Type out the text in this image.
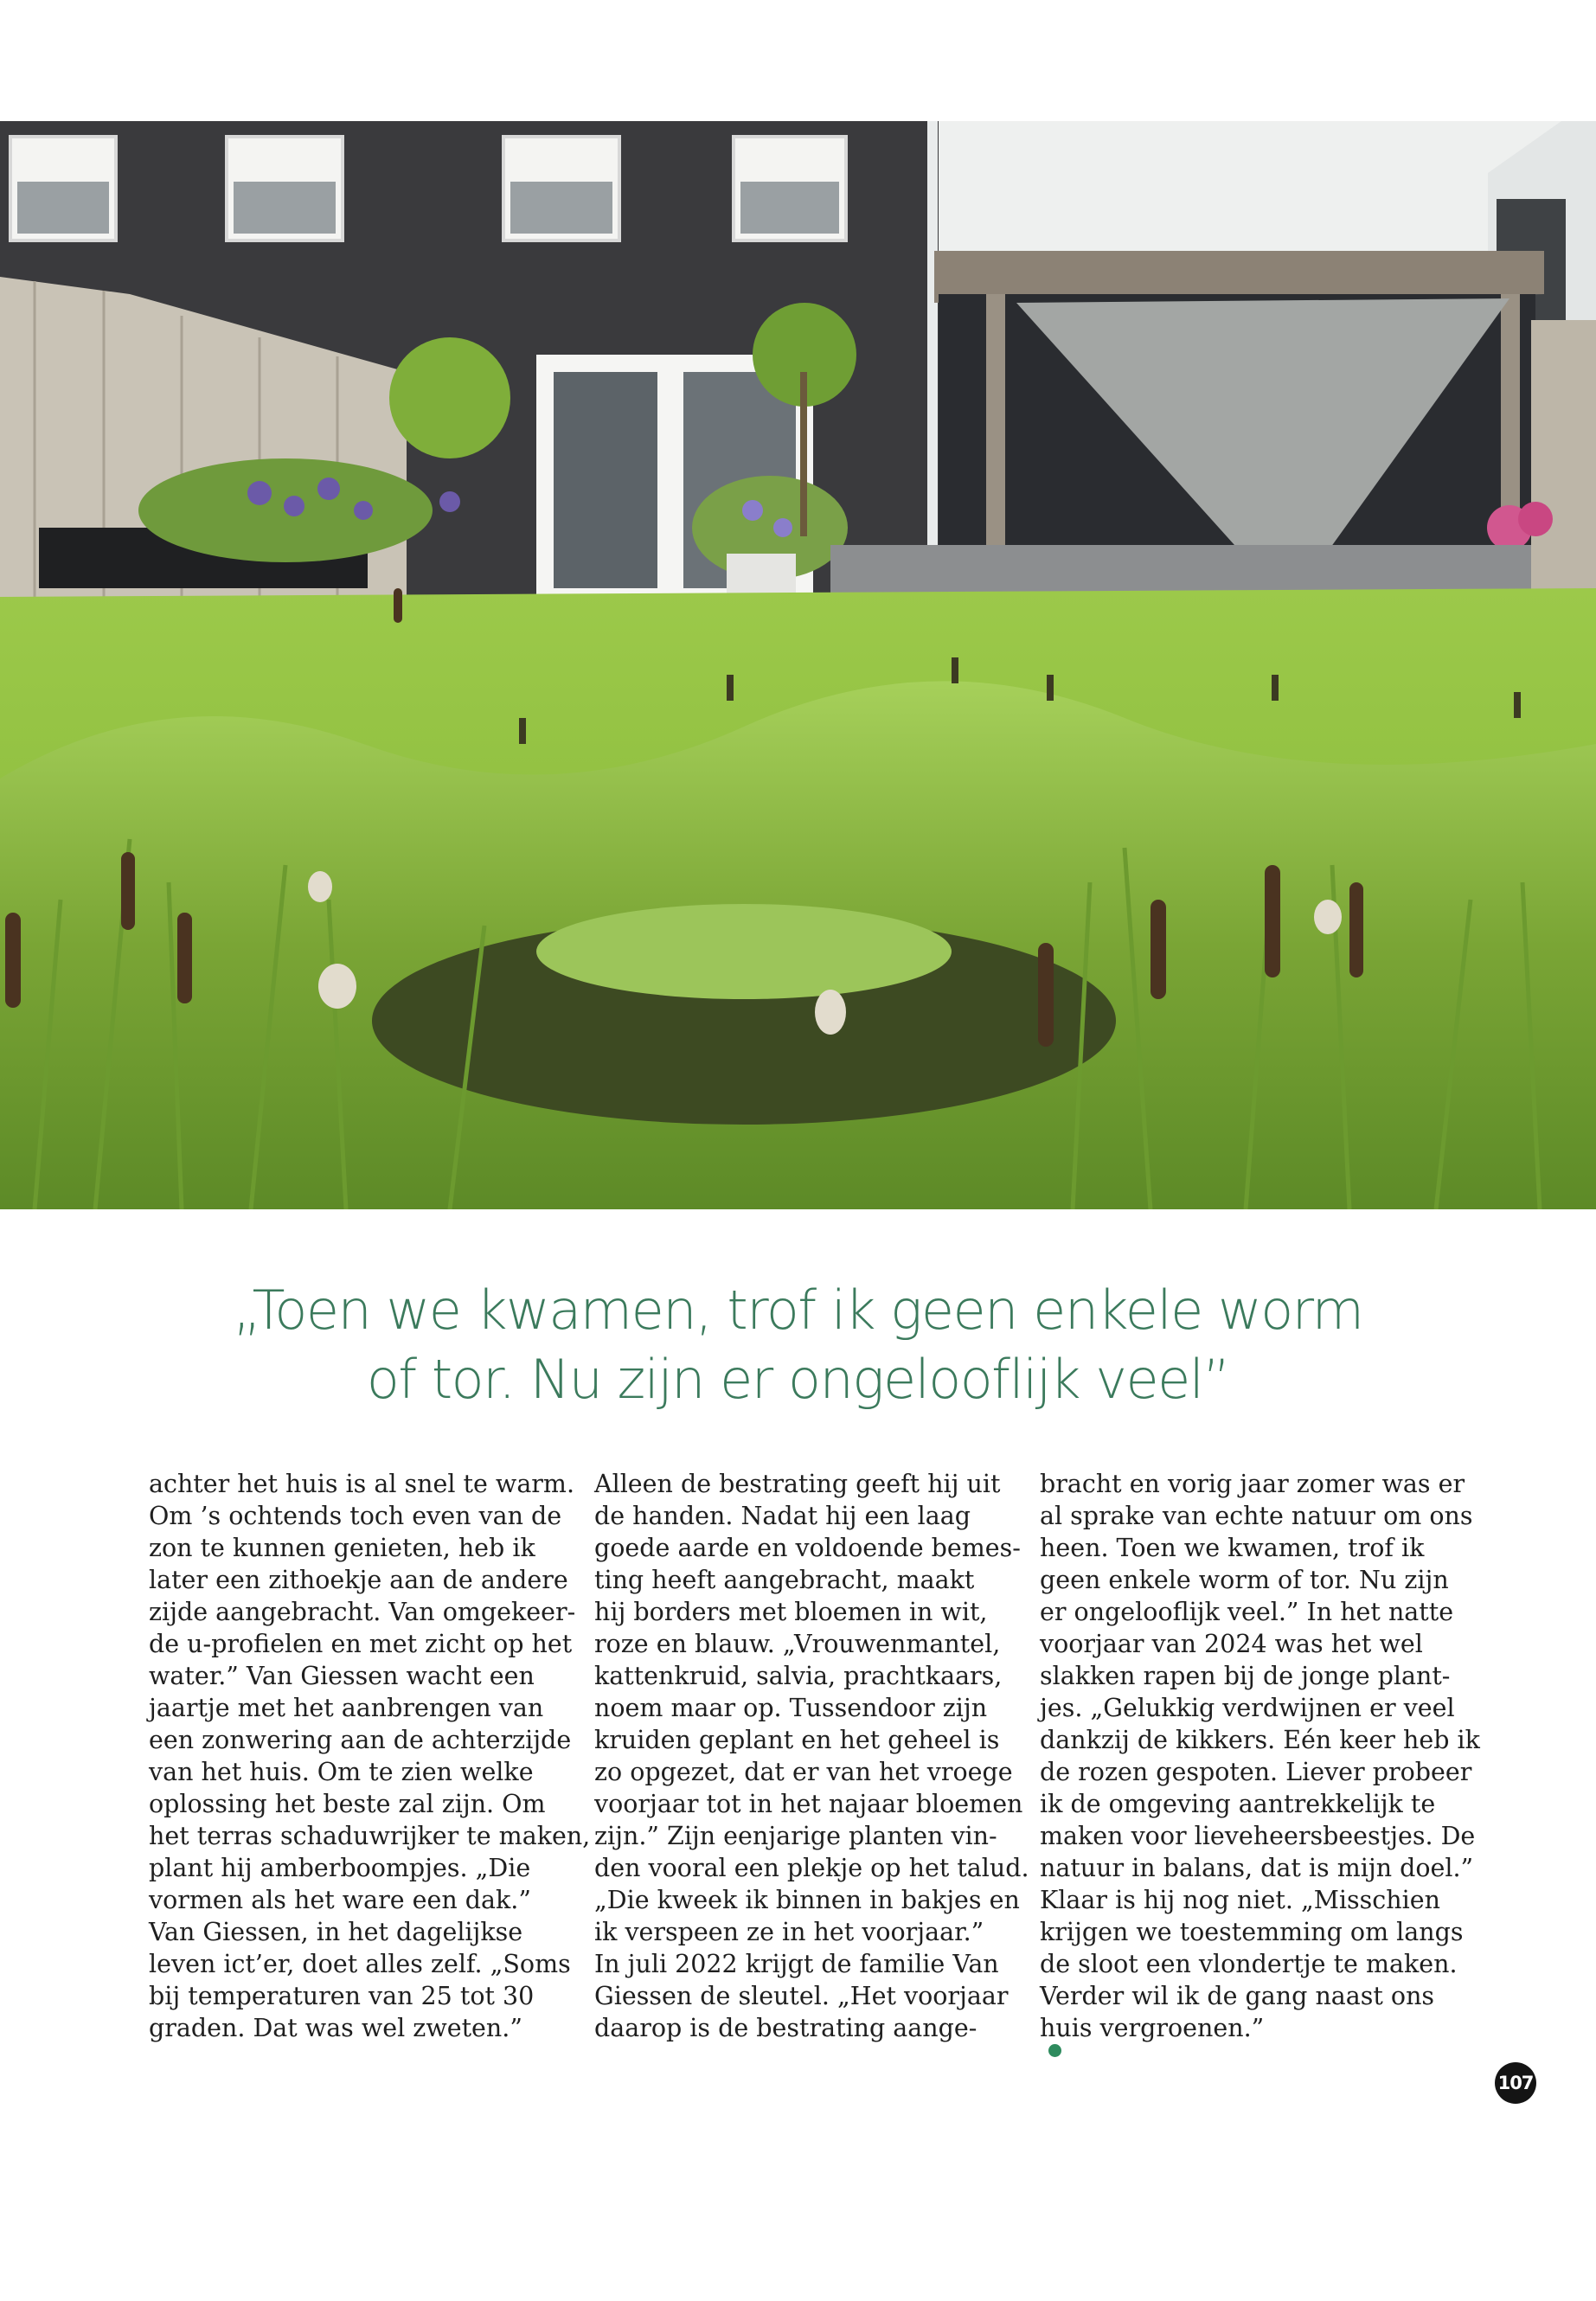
„Toen we kwamen, trof ik geen enkele worm
of tor. Nu zijn er ongelooflijk veel”
achter het huis is al snel te warm.
Om ’s ochtends toch even van de
zon te kunnen genieten, heb ik
later een zithoekje aan de andere
zijde aangebracht. Van omgekeer-
de u-profielen en met zicht op het
water.” Van Giessen wacht een
jaartje met het aanbrengen van
een zonwering aan de achterzijde
van het huis. Om te zien welke
oplossing het beste zal zijn. Om
het terras schaduwrijker te maken,
plant hij amberboompjes. „Die
vormen als het ware een dak.”
Van Giessen, in het dagelijkse
leven ict’er, doet alles zelf. „Soms
bij temperaturen van 25 tot 30
graden. Dat was wel zweten.”
Alleen de bestrating geeft hij uit
de handen. Nadat hij een laag
goede aarde en voldoende bemes-
ting heeft aangebracht, maakt
hij borders met bloemen in wit,
roze en blauw. „Vrouwenmantel,
kattenkruid, salvia, prachtkaars,
noem maar op. Tussendoor zijn
kruiden geplant en het geheel is
zo opgezet, dat er van het vroege
voorjaar tot in het najaar bloemen
zijn.” Zijn eenjarige planten vin-
den vooral een plekje op het talud.
„Die kweek ik binnen in bakjes en
ik verspeen ze in het voorjaar.”
In juli 2022 krijgt de familie Van
Giessen de sleutel. „Het voorjaar
daarop is de bestrating aange-
bracht en vorig jaar zomer was er
al sprake van echte natuur om ons
heen. Toen we kwamen, trof ik
geen enkele worm of tor. Nu zijn
er ongelooflijk veel.” In het natte
voorjaar van 2024 was het wel
slakken rapen bij de jonge plant-
jes. „Gelukkig verdwijnen er veel
dankzij de kikkers. Eén keer heb ik
de rozen gespoten. Liever probeer
ik de omgeving aantrekkelijk te
maken voor lieveheersbeestjes. De
natuur in balans, dat is mijn doel.”
Klaar is hij nog niet. „Misschien
krijgen we toestemming om langs
de sloot een vlondertje te maken.
Verder wil ik de gang naast ons
huis vergroenen.”
107
